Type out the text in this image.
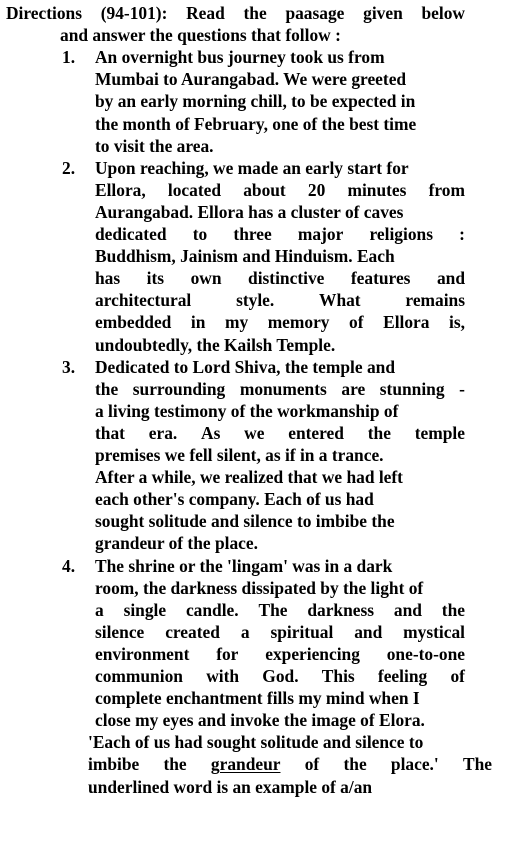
Directions (94-101): Read the paasage given below
and answer the questions that follow :
1. An overnight bus journey took us from
Mumbai to Aurangabad. We were greeted
by an early morning chill, to be expected in
the month of February, one of the best time
to visit the area.
2. Upon reaching, we made an early start for
Ellora, located about 20 minutes from
Aurangabad. Ellora has a cluster of caves
dedicated to three major religions :
Buddhism, Jainism and Hinduism. Each
has its own distinctive features and
architectural	style.	What	remains
embedded in my memory of Ellora is,
undoubtedly, the Kailsh Temple.
3. Dedicated to Lord Shiva, the temple and
the surrounding monuments are stunning -
a living testimony of the workmanship of
that era. As we entered the temple
premises we fell silent, as if in a trance.
After a while, we realized that we had left
each other's company. Each of us had
sought solitude and silence to imbibe the
grandeur of the place.
4. The shrine or the 'lingam' was in a dark
room, the darkness dissipated by the light of
a single candle. The darkness and the
silence created a spiritual and mystical
environment for experiencing one-to-one
communion with God. This feeling of
complete enchantment fills my mind when I
close my eyes and invoke the image of Elora.
'Each of us had sought solitude and silence to
imbibe the grandeur of the place.' The
underlined word is an example of a/an
